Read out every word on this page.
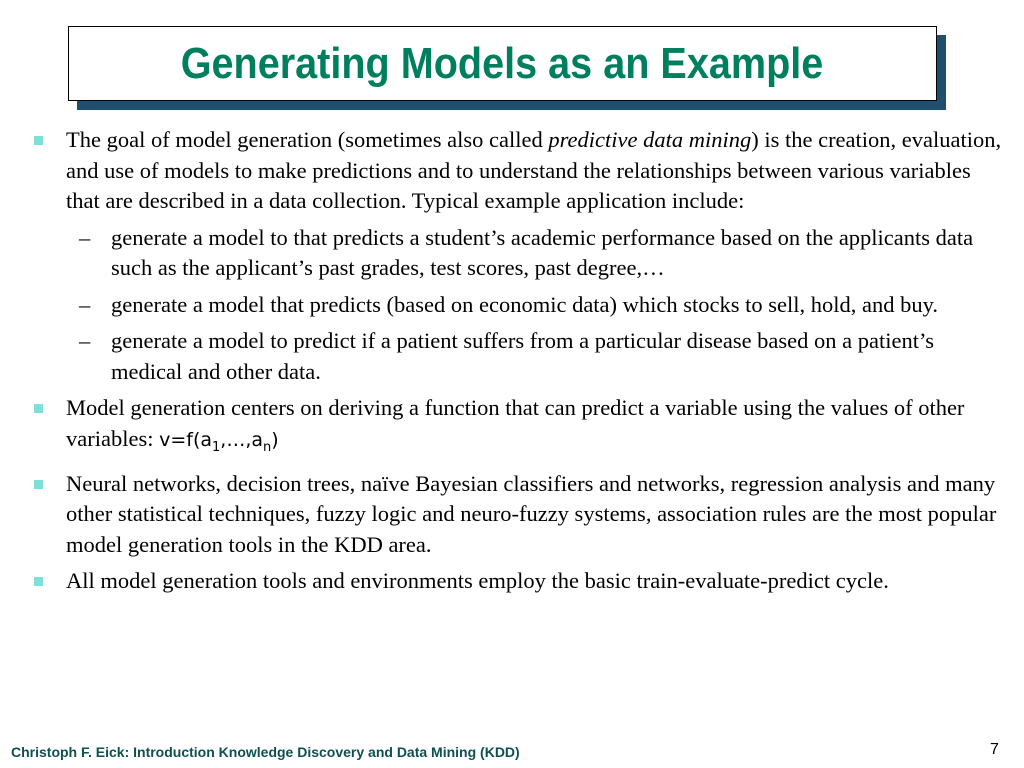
Generating Models as an Example
The goal of model generation (sometimes also called predictive data mining) is the creation, evaluation, and use of models to make predictions and to understand the relationships between various variables that are described in a data collection. Typical example application include:
– generate a model to that predicts a student’s academic performance based on the applicants data such as the applicant’s past grades, test scores, past degree,…
– generate a model that predicts (based on economic data) which stocks to sell, hold, and buy.
– generate a model to predict if a patient suffers from a particular disease based on a patient’s medical and other data.
Model generation centers on deriving a function that can predict a variable using the values of other variables: $v=f(a_1,\dots,a_n)$
Neural networks, decision trees, naïve Bayesian classifiers and networks, regression analysis and many other statistical techniques, fuzzy logic and neuro-fuzzy systems, association rules are the most popular model generation tools in the KDD area.
All model generation tools and environments employ the basic train-evaluate-predict cycle.
Christoph F. Eick: Introduction Knowledge Discovery and Data Mining (KDD)	7
